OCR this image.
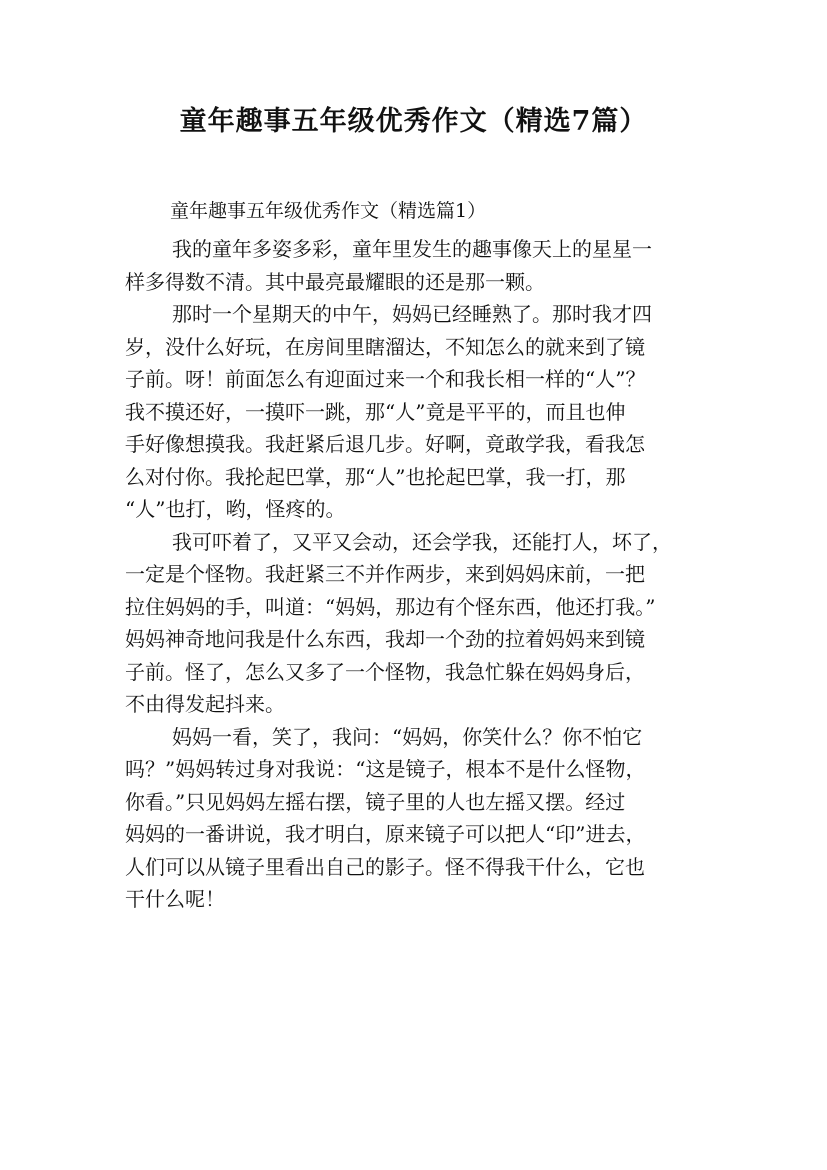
童年趣事五年级优秀作文（精选7篇）
童年趣事五年级优秀作文（精选篇1）
我的童年多姿多彩，童年里发生的趣事像天上的星星一
样多得数不清。其中最亮最耀眼的还是那一颗。
那时一个星期天的中午，妈妈已经睡熟了。那时我才四
岁，没什么好玩，在房间里瞎溜达，不知怎么的就来到了镜
子前。呀！前面怎么有迎面过来一个和我长相一样的“人”？
我不摸还好，一摸吓一跳，那“人”竟是平平的，而且也伸
手好像想摸我。我赶紧后退几步。好啊，竟敢学我，看我怎
么对付你。我抡起巴掌，那“人”也抡起巴掌，我一打，那
“人”也打，哟，怪疼的。
我可吓着了，又平又会动，还会学我，还能打人，坏了，
一定是个怪物。我赶紧三不并作两步，来到妈妈床前，一把
拉住妈妈的手，叫道：“妈妈，那边有个怪东西，他还打我。”
妈妈神奇地问我是什么东西，我却一个劲的拉着妈妈来到镜
子前。怪了，怎么又多了一个怪物，我急忙躲在妈妈身后，
不由得发起抖来。
妈妈一看，笑了，我问：“妈妈，你笑什么？你不怕它
吗？”妈妈转过身对我说：“这是镜子，根本不是什么怪物，
你看。”只见妈妈左摇右摆，镜子里的人也左摇又摆。经过
妈妈的一番讲说，我才明白，原来镜子可以把人“印”进去，
人们可以从镜子里看出自己的影子。怪不得我干什么，它也
干什么呢！
